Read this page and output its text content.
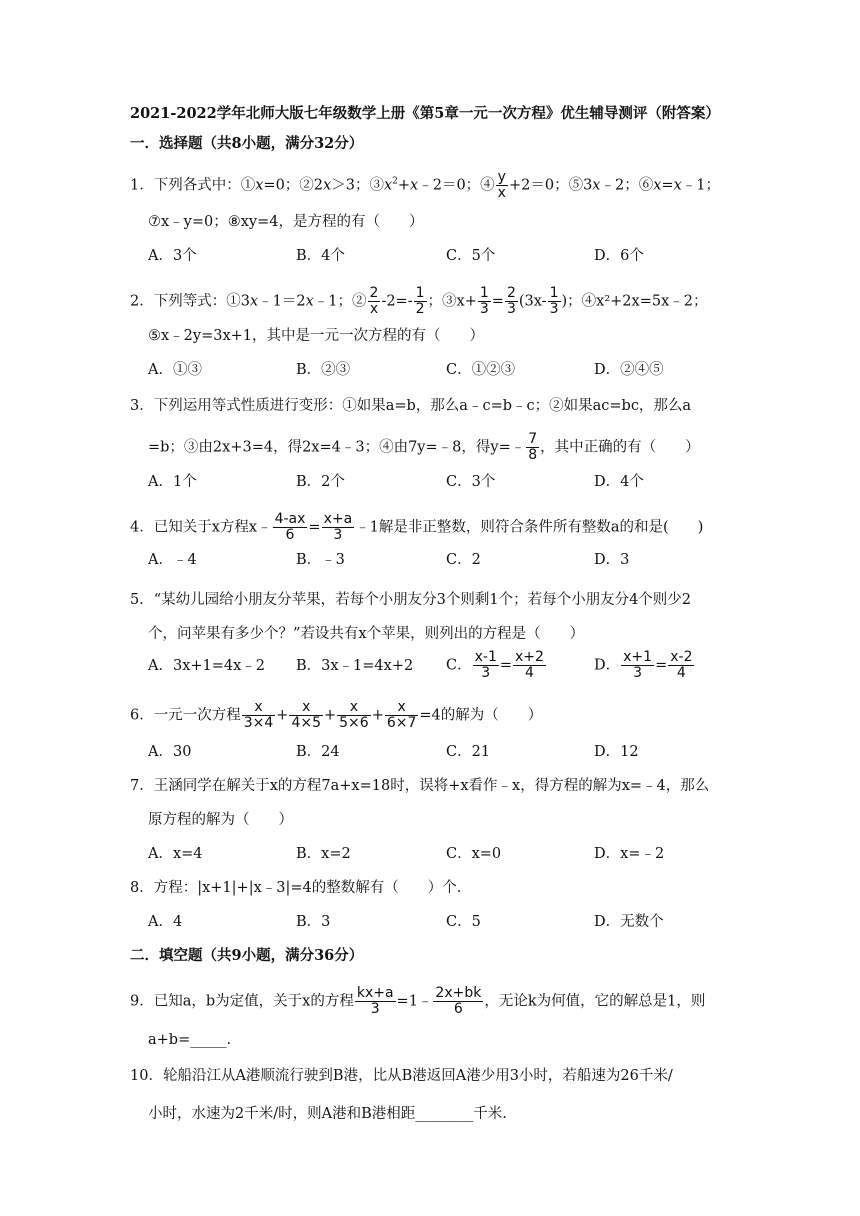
2021-2022学年北师大版七年级数学上册《第5章一元一次方程》优生辅导测评（附答案）
一．选择题（共8小题，满分32分）
1．下列各式中：①x=0；②2x＞3；$③x^2+x﹣2=0$；④ $\frac{y}{x} +2=0$；⑤3x﹣2；⑥x=x﹣1；
⑦x﹣y=0；⑧xy=4，是方程的有（　　）
A．3个	B．4个	C．5个	D．6个
2．下列等式：①3x﹣1＝2x﹣1；② $\frac{2}{x} -2=- \frac{1}{2}$ ；③x+ $\frac{1}{3} = \frac{2}{3} (3x- \frac{1}{3}$ )；④x²+2x=5x﹣2；
⑤x﹣2y=3x+1，其中是一元一次方程的有（　　）
A．①③	B．②③	C．①②③	D．②④⑤
3．下列运用等式性质进行变形：①如果a=b，那么a﹣c=b﹣c；②如果ac=bc，那么a
=b；③由2x+3=4，得2x=4﹣3；④由7y=﹣8，得y=﹣ $\frac{7}{8}$ ，其中正确的有（　　）
A．1个	B．2个	C．3个	D．4个
4．已知关于x方程x﹣ $\frac{4-ax}{6} = \frac{x+a}{3}$ ﹣1解是非正整数，则符合条件所有整数a的和是(　　)
A．﹣4	B．﹣3	C．2	D．3
5．“某幼儿园给小朋友分苹果，若每个小朋友分3个则剩1个；若每个小朋友分4个则少2
个，问苹果有多少个？”若设共有x个苹果，则列出的方程是（　　）
A．3x+1=4x﹣2 B．3x﹣1=4x+2 C． $\frac{x-1}{3} = \frac{x+2}{4}$	D． $\frac{x+1}{3} = \frac{x-2}{4}$
6．一元一次方程 $\frac{x}{3\times 4} + \frac{x}{4\times 5} + \frac{x}{5\times 6} + \frac{x}{6\times 7} =4$的解为（　　）
A．30	B．24	C．21	D．12
7．王涵同学在解关于x的方程7a+x=18时，误将+x看作﹣x，得方程的解为x=﹣4，那么
原方程的解为（　　）
A．x=4	B．x=2	C．x=0	D．x=﹣2
8．方程：|x+1|+|x﹣3|=4的整数解有（　　）个.
A．4	B．3	C．5	D．无数个
二．填空题（共9小题，满分36分）
9．已知a，b为定值，关于x的方程 $\frac{kx+a}{3}$ =1﹣ $\frac{2x+bk}{6}$ ，无论k为何值，它的解总是1，则
a+b=_____.
10．轮船沿江从A港顺流行驶到B港，比从B港返回A港少用3小时，若船速为26千米/
小时，水速为2千米/时，则A港和B港相距________千米.
